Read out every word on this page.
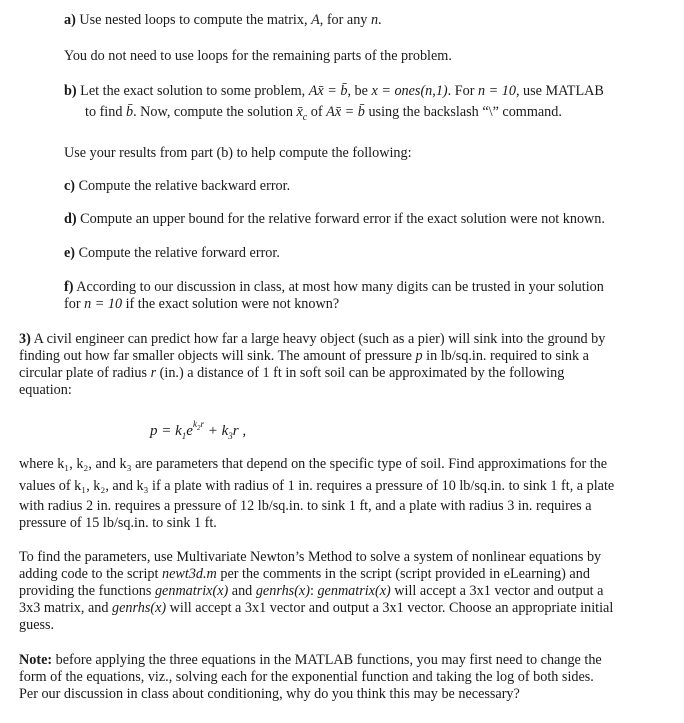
a) Use nested loops to compute the matrix, A, for any n.

You do not need to use loops for the remaining parts of the problem.

b) Let the exact solution to some problem, Ax̄ = b̄, be x = ones(n,1). For n = 10, use MATLAB

to find b̄. Now, compute the solution $x̄_c$ of Ax̄ = b̄ using the backslash “\” command.

Use your results from part (b) to help compute the following:

c) Compute the relative backward error.

d) Compute an upper bound for the relative forward error if the exact solution were not known.

e) Compute the relative forward error.

f) According to our discussion in class, at most how many digits can be trusted in your solution

for n = 10 if the exact solution were not known?

3) A civil engineer can predict how far a large heavy object (such as a pier) will sink into the ground by

finding out how far smaller objects will sink. The amount of pressure p in lb/sq.in. required to sink a

circular plate of radius r (in.) a distance of 1 ft in soft soil can be approximated by the following

equation:

$p = k_1e^{k_2r} + k_3r$ ,

where k₁, k₂, and k₃ are parameters that depend on the specific type of soil. Find approximations for the

values of k₁, k₂, and k₃ if a plate with radius of 1 in. requires a pressure of 10 lb/sq.in. to sink 1 ft, a plate

with radius 2 in. requires a pressure of 12 lb/sq.in. to sink 1 ft, and a plate with radius 3 in. requires a

pressure of 15 lb/sq.in. to sink 1 ft.

To find the parameters, use Multivariate Newton’s Method to solve a system of nonlinear equations by

adding code to the script newt3d.m per the comments in the script (script provided in eLearning) and

providing the functions genmatrix(x) and genrhs(x): genmatrix(x) will accept a 3x1 vector and output a

3x3 matrix, and genrhs(x) will accept a 3x1 vector and output a 3x1 vector. Choose an appropriate initial

guess.

Note: before applying the three equations in the MATLAB functions, you may first need to change the

form of the equations, viz., solving each for the exponential function and taking the log of both sides.

Per our discussion in class about conditioning, why do you think this may be necessary?
